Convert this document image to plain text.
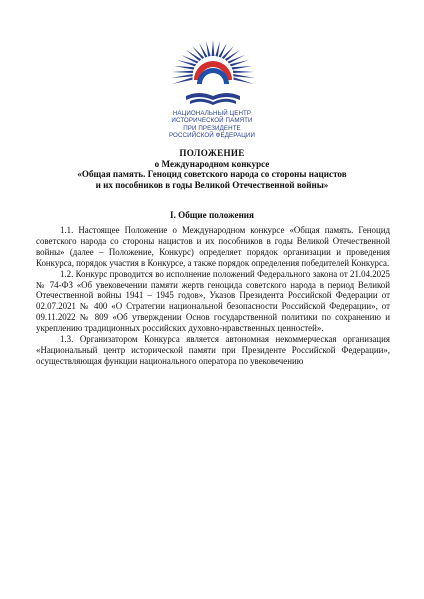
НАЦИОНАЛЬНЫЙ ЦЕНТР
ИСТОРИЧЕСКОЙ ПАМЯТИ
ПРИ ПРЕЗИДЕНТЕ
РОССИЙСКОЙ ФЕДЕРАЦИИ
ПОЛОЖЕНИЕ
о Международном конкурсе
«Общая память. Геноцид советского народа со стороны нацистов
и их пособников в годы Великой Отечественной войны»
I. Общие положения

1.1. Настоящее Положение о Международном конкурсе «Общая память. Геноцид советского народа со стороны нацистов и их пособников в годы Великой Отечественной войны» (далее – Положение, Конкурс) определяет порядок организации и проведения Конкурса, порядок участия в Конкурсе, а также порядок определения победителей Конкурса.

1.2. Конкурс проводится во исполнение положений Федерального закона от 21.04.2025 № 74-ФЗ «Об увековечении памяти жертв геноцида советского народа в период Великой Отечественной войны 1941 – 1945 годов», Указов Президента Российской Федерации от 02.07.2021 № 400 «О Стратегии национальной безопасности Российской Федерации», от 09.11.2022 № 809 «Об утверждении Основ государственной политики по сохранению и укреплению традиционных российских духовно-нравственных ценностей».

1.3. Организатором Конкурса является автономная некоммерческая организация «Национальный центр исторической памяти при Президенте Российской Федерации», осуществляющая функции национального оператора по увековечению
